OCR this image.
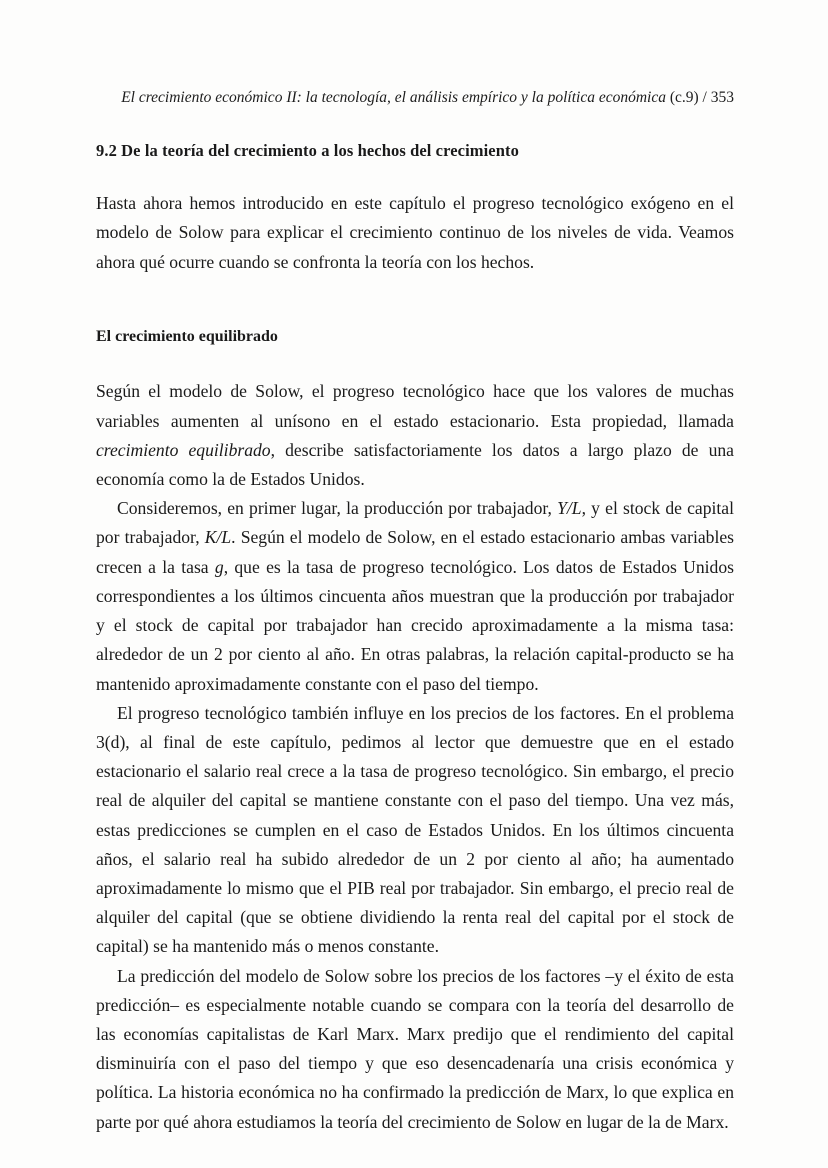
El crecimiento económico II: la tecnología, el análisis empírico y la política económica (c.9) / 353
9.2 De la teoría del crecimiento a los hechos del crecimiento

Hasta ahora hemos introducido en este capítulo el progreso tecnológico exógeno en el modelo de Solow para explicar el crecimiento continuo de los niveles de vida. Veamos ahora qué ocurre cuando se confronta la teoría con los hechos.

El crecimiento equilibrado

Según el modelo de Solow, el progreso tecnológico hace que los valores de muchas variables aumenten al unísono en el estado estacionario. Esta propiedad, llamada crecimiento equilibrado, describe satisfactoriamente los datos a largo plazo de una economía como la de Estados Unidos.

Consideremos, en primer lugar, la producción por trabajador, Y/L, y el stock de capital por trabajador, K/L. Según el modelo de Solow, en el estado estacionario ambas variables crecen a la tasa g, que es la tasa de progreso tecnológico. Los datos de Estados Unidos correspondientes a los últimos cincuenta años muestran que la producción por trabajador y el stock de capital por trabajador han crecido aproximadamente a la misma tasa: alrededor de un 2 por ciento al año. En otras palabras, la relación capital-producto se ha mantenido aproximadamente constante con el paso del tiempo.

El progreso tecnológico también influye en los precios de los factores. En el problema 3(d), al final de este capítulo, pedimos al lector que demuestre que en el estado estacionario el salario real crece a la tasa de progreso tecnológico. Sin embargo, el precio real de alquiler del capital se mantiene constante con el paso del tiempo. Una vez más, estas predicciones se cumplen en el caso de Estados Unidos. En los últimos cincuenta años, el salario real ha subido alrededor de un 2 por ciento al año; ha aumentado aproximadamente lo mismo que el PIB real por trabajador. Sin embargo, el precio real de alquiler del capital (que se obtiene dividiendo la renta real del capital por el stock de capital) se ha mantenido más o menos constante.

La predicción del modelo de Solow sobre los precios de los factores –y el éxito de esta predicción– es especialmente notable cuando se compara con la teoría del desarrollo de las economías capitalistas de Karl Marx. Marx predijo que el rendimiento del capital disminuiría con el paso del tiempo y que eso desencadenaría una crisis económica y política. La historia económica no ha confirmado la predicción de Marx, lo que explica en parte por qué ahora estudiamos la teoría del crecimiento de Solow en lugar de la de Marx.
